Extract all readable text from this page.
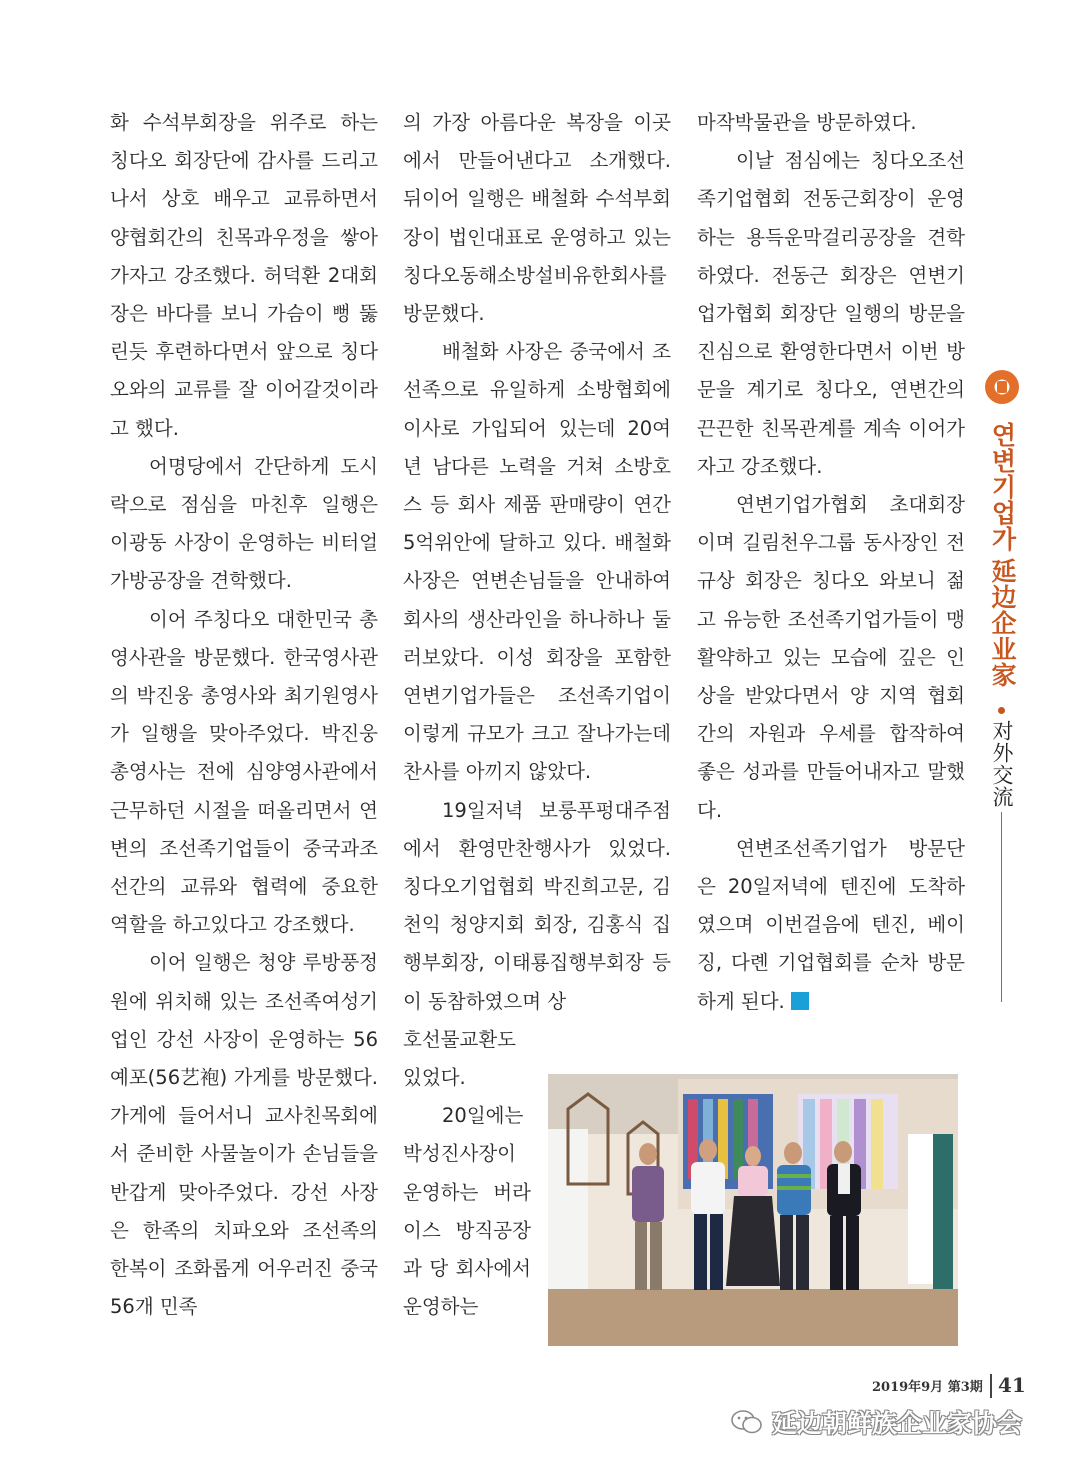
화 수석부회장을 위주로 하는 칭다오 회장단에 감사를 드리고나서 상호 배우고 교류하면서 양협회간의 친목과우정을 쌓아가자고 강조했다. 허덕환 2대회장은 바다를 보니 가슴이 뻥 뚫린듯 후련하다면서 앞으로 칭다오와의 교류를 잘 이어갈것이라고 했다.

어명당에서 간단하게 도시락으로 점심을 마친후 일행은 이광동 사장이 운영하는 비터얼 가방공장을 견학했다.

이어 주칭다오 대한민국 총영사관을 방문했다. 한국영사관의 박진웅 총영사와 최기원영사가 일행을 맞아주었다. 박진웅 총영사는 전에 심양영사관에서 근무하던 시절을 떠올리면서 연변의 조선족기업들이 중국과조선간의 교류와 협력에 중요한 역할을 하고있다고 강조했다.

이어 일행은 청양 루방풍정원에 위치해 있는 조선족여성기업인 강선 사장이 운영하는 56예포(56艺袍) 가게를 방문했다.가게에 들어서니 교사친목회에서 준비한 사물놀이가 손님들을 반갑게 맞아주었다. 강선 사장은 한족의 치파오와 조선족의 한복이 조화롭게 어우러진 중국 56개 민족

의 가장 아름다운 복장을 이곳에서 만들어낸다고 소개했다. 뒤이어 일행은 배철화 수석부회장이 법인대표로 운영하고 있는 칭다오동해소방설비유한회사를 방문했다.

배철화 사장은 중국에서 조선족으로 유일하게 소방협회에 이사로 가입되어 있는데 20여년 남다른 노력을 거쳐 소방호스 등 회사 제품 판매량이 연간 5억위안에 달하고 있다. 배철화 사장은 연변손님들을 안내하여 회사의 생산라인을 하나하나 둘러보았다. 이성 회장을 포함한 연변기업가들은 조선족기업이 이렇게 규모가 크고 잘나가는데 찬사를 아끼지 않았다.

19일저녁 보룽푸펑대주점에서 환영만찬행사가 있었다. 칭다오기업협회 박진희고문, 김천익 청양지회 회장, 김홍식 집행부회장, 이태룡집행부회장 등이 동참하였으며 상

호선물교환도 있었다.

20일에는 박성진사장이 운영하는 버라이스 방직공장과 당 회사에서 운영하는

마작박물관을 방문하였다.

이날 점심에는 칭다오조선족기업협회 전동근회장이 운영하는 용득운막걸리공장을 견학하였다. 전동근 회장은 연변기업가협회 회장단 일행의 방문을 진심으로 환영한다면서 이번 방문을 계기로 칭다오, 연변간의 끈끈한 친목관계를 계속 이어가자고 강조했다.

연변기업가협회 초대회장이며 길림천우그룹 동사장인 전규상 회장은 칭다오 와보니 젊고 유능한 조선족기업가들이 맹활약하고 있는 모습에 깊은 인상을 받았다면서 양 지역 협회 간의 자원과 우세를 합작하여 좋은 성과를 만들어내자고 말했다.

연변조선족기업가 방문단은 20일저녁에 텐진에 도착하였으며 이번걸음에 텐진, 베이징, 다롄 기업협회를 순차 방문하게 된다.

연변기업가
延边企业家
对外交流
2019年9月 第3期 41
延边朝鲜族企业家协会
